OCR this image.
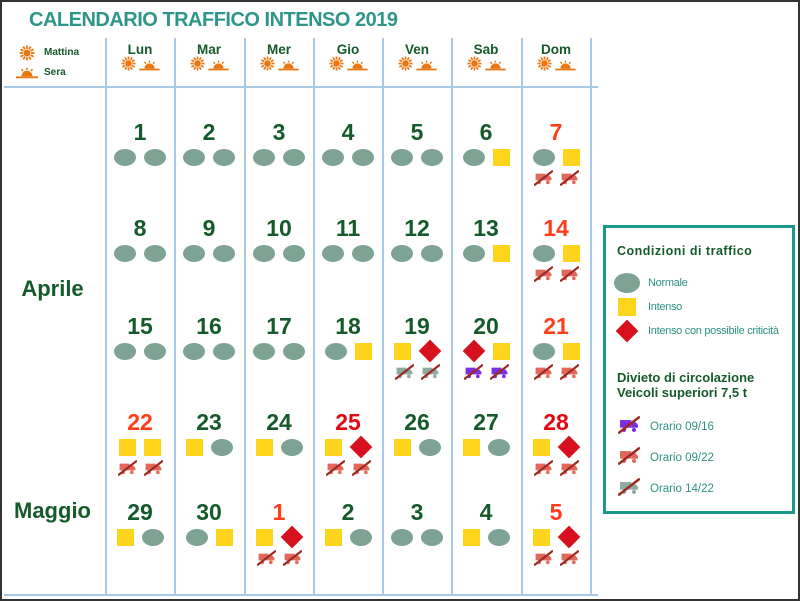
CALENDARIO TRAFFICO INTENSO 2019
Mattina
Sera
Lun	Mar	Mer	Gio	Ven	Sab	Dom
1	2	3	4	5	6	7
8	9	10	11	12	13	14
15	16	17	18	19	20	21
22	23	24	25	26	27	28
29	30	1	2	3	4	5
Aprile
Maggio
Condizioni di traffico
Normale
Intenso
Intenso con possibile criticità
Divieto di circolazione
Veicoli superiori 7,5 t
Orario 09/16
Orario 09/22
Orario 14/22
